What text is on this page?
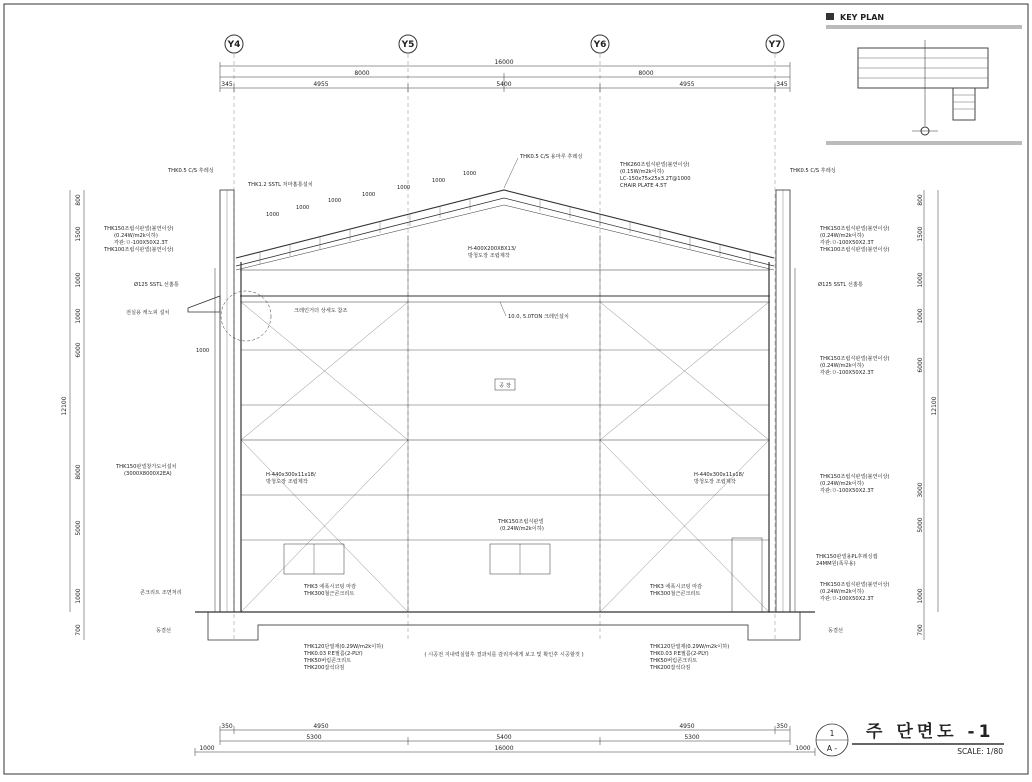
KEY PLAN
Y4	Y5	Y6	Y7
16000
8000	8000
345	4955	5400	4955	345
1000
1000
1000
1000
1000
1000
1000
800
1500
1000
1000
6000
8000
5000
1000
700
12100
800
1500
1000
1000
6000
3000
5000
1000
700
12100
THK0.5 C/S 용마루 후레싱
THK260조립식판넬(불연이상)
(0.15W/m2k이하)
LC-150x75x25x3.2T@1000
CHAIR PLATE 4.5T
THK0.5 C/S 후레싱	THK0.5 C/S 후레싱
THK1.2 SSTL 처마홈통설치
H-400X200X8X13/
방청도장 조립제작
10.0, 5.0TON 크레인설치
크레인거더 상세도 참조
1000
THK150조립식판넬(불연이상)
(0.24W/m2k이하)
각관:ㅁ-100X50X2.3T
THK100조립식판넬(불연이상)
Ø125 SSTL 선홈통
전실용 캐노피 설치
THK150판넬창가도어설치
(3000X8000X2EA)
콘크리트 조면처리
동결선
공 장
H-440x300x11x18/
방청도장 조립제작
H-440x300x11x18/
방청도장 조립제작
THK150조립식판넬
(0.24W/m2k이하)
THK3 에폭시코팅 마감
THK300철근콘크리트
THK3 에폭시코팅 마감
THK300철근콘크리트
THK120단열재(0.29W/m2k이하)
THK0.03 P.E필름(2-PLY)
THK50버림콘크리트
THK200잡석다짐
THK120단열재(0.29W/m2k이하)
THK0.03 P.E필름(2-PLY)
THK50버림콘크리트
THK200잡석다짐
( 시공전 지내력실험후 결과치를 감리자에게 보고 및 확인후 시공할것 )
THK150조립식판넬(불연이상)
(0.24W/m2k이하)
각관:ㅁ-100X50X2.3T
THK100조립식판넬(불연이상)
Ø125 SSTL 선홈통
THK150조립식판넬(불연이상)
(0.24W/m2k이하)
각관:ㅁ-100X50X2.3T
THK150조립식판넬(불연이상)
(0.24W/m2k이하)
각관:ㅁ-100X50X2.3T
THK150판넬용PL후레싱캡
24MM원(폭무용)
THK150조립식판넬(불연이상)
(0.24W/m2k이하)
각관:ㅁ-100X50X2.3T
동결선
350	4950	4950	350
5300	5400	5300
1000	1000
16000
1
A -
주 단면도 -1
SCALE: 1/80
